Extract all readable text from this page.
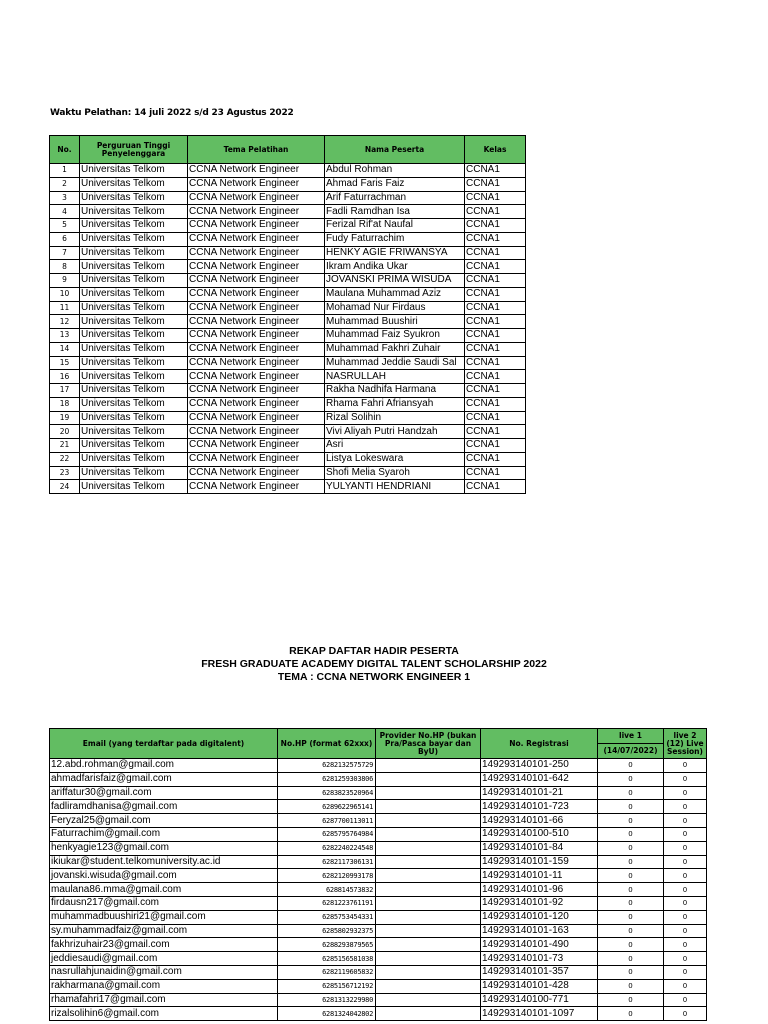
Waktu Pelathan: 14 juli 2022 s/d 23 Agustus 2022
No.	Perguruan Tinggi Penyelenggara	Tema Pelatihan	Nama Peserta	Kelas
1	Universitas Telkom	CCNA Network Engineer	Abdul Rohman	CCNA1
2	Universitas Telkom	CCNA Network Engineer	Ahmad Faris Faiz	CCNA1
3	Universitas Telkom	CCNA Network Engineer	Arif Faturrachman	CCNA1
4	Universitas Telkom	CCNA Network Engineer	Fadli Ramdhan Isa	CCNA1
5	Universitas Telkom	CCNA Network Engineer	Ferizal Rif'at Naufal	CCNA1
6	Universitas Telkom	CCNA Network Engineer	Fudy Faturrachim	CCNA1
7	Universitas Telkom	CCNA Network Engineer	HENKY AGIE FRIWANSYA	CCNA1
8	Universitas Telkom	CCNA Network Engineer	Ikram Andika Ukar	CCNA1
9	Universitas Telkom	CCNA Network Engineer	JOVANSKI PRIMA WISUDA	CCNA1
10	Universitas Telkom	CCNA Network Engineer	Maulana Muhammad Aziz	CCNA1
11	Universitas Telkom	CCNA Network Engineer	Mohamad Nur Firdaus	CCNA1
12	Universitas Telkom	CCNA Network Engineer	Muhammad Buushiri	CCNA1
13	Universitas Telkom	CCNA Network Engineer	Muhammad Faiz Syukron	CCNA1
14	Universitas Telkom	CCNA Network Engineer	Muhammad Fakhri Zuhair	CCNA1
15	Universitas Telkom	CCNA Network Engineer	Muhammad Jeddie Saudi Sal	CCNA1
16	Universitas Telkom	CCNA Network Engineer	NASRULLAH	CCNA1
17	Universitas Telkom	CCNA Network Engineer	Rakha Nadhifa Harmana	CCNA1
18	Universitas Telkom	CCNA Network Engineer	Rhama Fahri Afriansyah	CCNA1
19	Universitas Telkom	CCNA Network Engineer	Rizal Solihin	CCNA1
20	Universitas Telkom	CCNA Network Engineer	Vivi Aliyah Putri Handzah	CCNA1
21	Universitas Telkom	CCNA Network Engineer	Asri	CCNA1
22	Universitas Telkom	CCNA Network Engineer	Listya Lokeswara	CCNA1
23	Universitas Telkom	CCNA Network Engineer	Shofi Melia Syaroh	CCNA1
24	Universitas Telkom	CCNA Network Engineer	YULYANTI HENDRIANI	CCNA1
REKAP DAFTAR HADIR PESERTA
FRESH GRADUATE ACADEMY DIGITAL TALENT SCHOLARSHIP 2022
TEMA : CCNA NETWORK ENGINEER 1
Email (yang terdaftar pada digitalent)	No.HP (format 62xxx)	Provider No.HP (bukan Pra/Pasca bayar dan ByU)	No. Registrasi	live 1	live 2 (12) Live Session)
				(14/07/2022)	
12.abd.rohman@gmail.com	6282132575729		149293140101-250	0	0
ahmadfarisfaiz@gmail.com	6281259303806		149293140101-642	0	0
ariffatur30@gmail.com	6283823520964		149293140101-21	0	0
fadliramdhanisa@gmail.com	6289622965141		149293140101-723	0	0
Feryzal25@gmail.com	6287700113011		149293140101-66	0	0
Faturrachim@gmail.com	6285795764984		149293140100-510	0	0
henkyagie123@gmail.com	6282240224548		149293140101-84	0	0
ikiukar@student.telkomuniversity.ac.id	6282117306131		149293140101-159	0	0
jovanski.wisuda@gmail.com	6282120993178		149293140101-11	0	0
maulana86.mma@gmail.com	628814573832		149293140101-96	0	0
firdausn217@gmail.com	6281223761191		149293140101-92	0	0
muhammadbuushiri21@gmail.com	6285753454331		149293140101-120	0	0
sy.muhammadfaiz@gmail.com	6285802932375		149293140101-163	0	0
fakhrizuhair23@gmail.com	6288293879565		149293140101-490	0	0
jeddiesaudi@gmail.com	6285156581038		149293140101-73	0	0
nasrullahjunaidin@gmail.com	6282119605832		149293140101-357	0	0
rakharmana@gmail.com	6285156712192		149293140101-428	0	0
rhamafahri17@gmail.com	6281313229980		149293140100-771	0	0
rizalsolihin6@gmail.com	6281324042802		149293140101-1097	0	0
